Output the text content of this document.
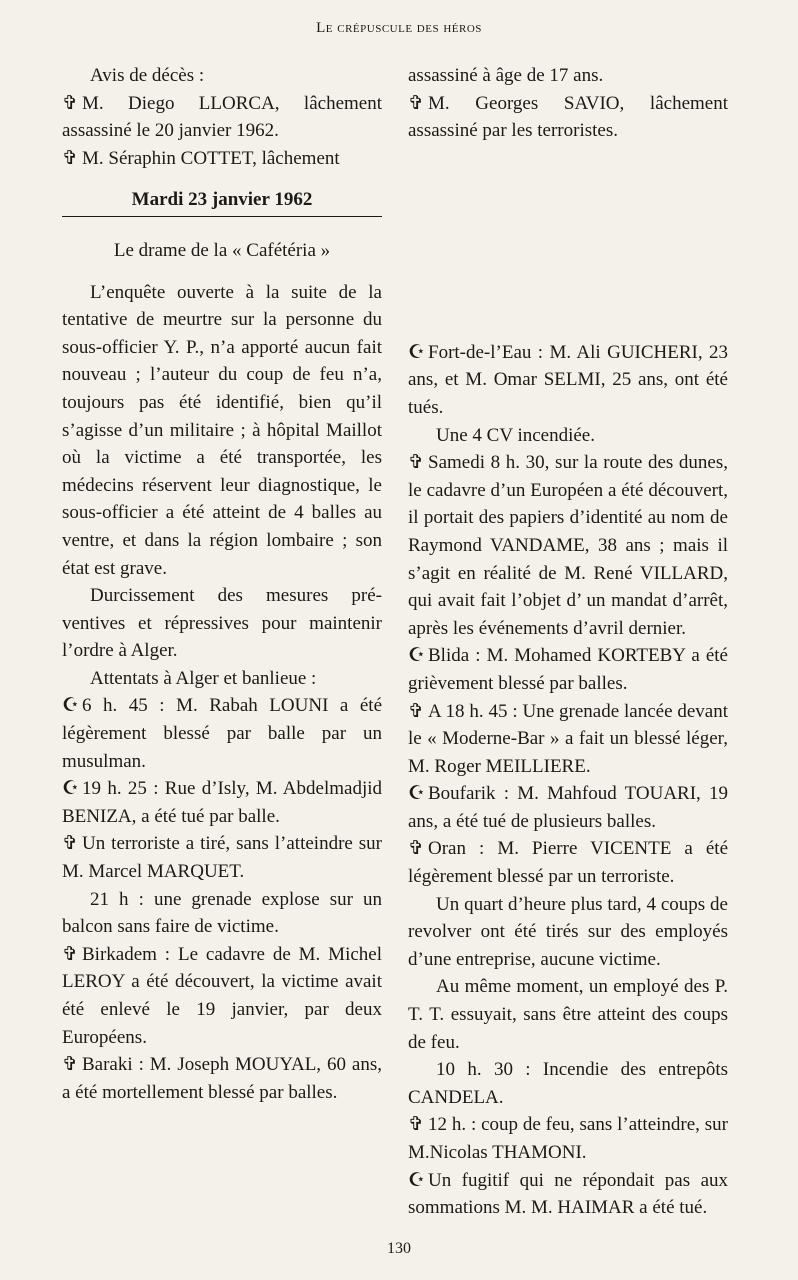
Le crépuscule des héros

Avis de décès :

✞ M. Diego LLORCA, lâchement assassiné le 20 janvier 1962.

✞ M. Séraphin COTTET, lâchement

Mardi 23 janvier 1962

Le drame de la « Cafétéria »

L’enquête ouverte à la suite de la tentative de meurtre sur la personne du sous-officier Y. P., n’a apporté aucun fait nouveau ; l’auteur du coup de feu n’a, toujours pas été identifié, bien qu’il s’agisse d’un militaire ; à hôpital Maillot où la victime a été transportée, les médecins réservent leur diagnostique, le sous-officier a été atteint de 4 balles au ventre, et dans la région lombaire ; son état est grave.

Durcissement des mesures préventives et répressives pour maintenir l’ordre à Alger.

Attentats à Alger et banlieue :

☪ 6 h. 45 : M. Rabah LOUNI a été légèrement blessé par balle par un musulman.

☪ 19 h. 25 : Rue d’Isly, M. Abdelmadjid BENIZA, a été tué par balle.

✞ Un terroriste a tiré, sans l’atteindre sur M. Marcel MARQUET.

21 h : une grenade explose sur un balcon sans faire de victime.

✞ Birkadem : Le cadavre de M. Michel LEROY a été découvert, la victime avait été enlevé le 19 janvier, par deux Européens.

✞ Baraki : M. Joseph MOUYAL, 60 ans, a été mortellement blessé par balles.

assassiné à âge de 17 ans.

✞ M. Georges SAVIO, lâchement assassiné par les terroristes.

☪ Fort-de-l’Eau : M. Ali GUICHERI, 23 ans, et M. Omar SELMI, 25 ans, ont été tués.

Une 4 CV incendiée.

✞ Samedi 8 h. 30, sur la route des dunes, le cadavre d’un Européen a été découvert, il portait des papiers d’identité au nom de Raymond VANDAME, 38 ans ; mais il s’agit en réalité de M. René VILLARD, qui avait fait l’objet d’ un mandat d’arrêt, après les événements d’avril dernier.

☪ Blida : M. Mohamed KORTEBY a été grièvement blessé par balles.

✞ A 18 h. 45 : Une grenade lancée devant le « Moderne-Bar » a fait un blessé léger, M. Roger MEILLIERE.

☪ Boufarik : M. Mahfoud TOUARI, 19 ans, a été tué de plusieurs balles.

✞ Oran : M. Pierre VICENTE a été légèrement blessé par un terroriste.

Un quart d’heure plus tard, 4 coups de revolver ont été tirés sur des employés d’une entreprise, aucune victime.

Au même moment, un employé des P. T. T. essuyait, sans être atteint des coups de feu.

10 h. 30 : Incendie des entrepôts CANDELA.

✞ 12 h. : coup de feu, sans l’atteindre, sur M.Nicolas THAMONI.

☪ Un fugitif qui ne répondait pas aux sommations M. M. HAIMAR a été tué.

130
